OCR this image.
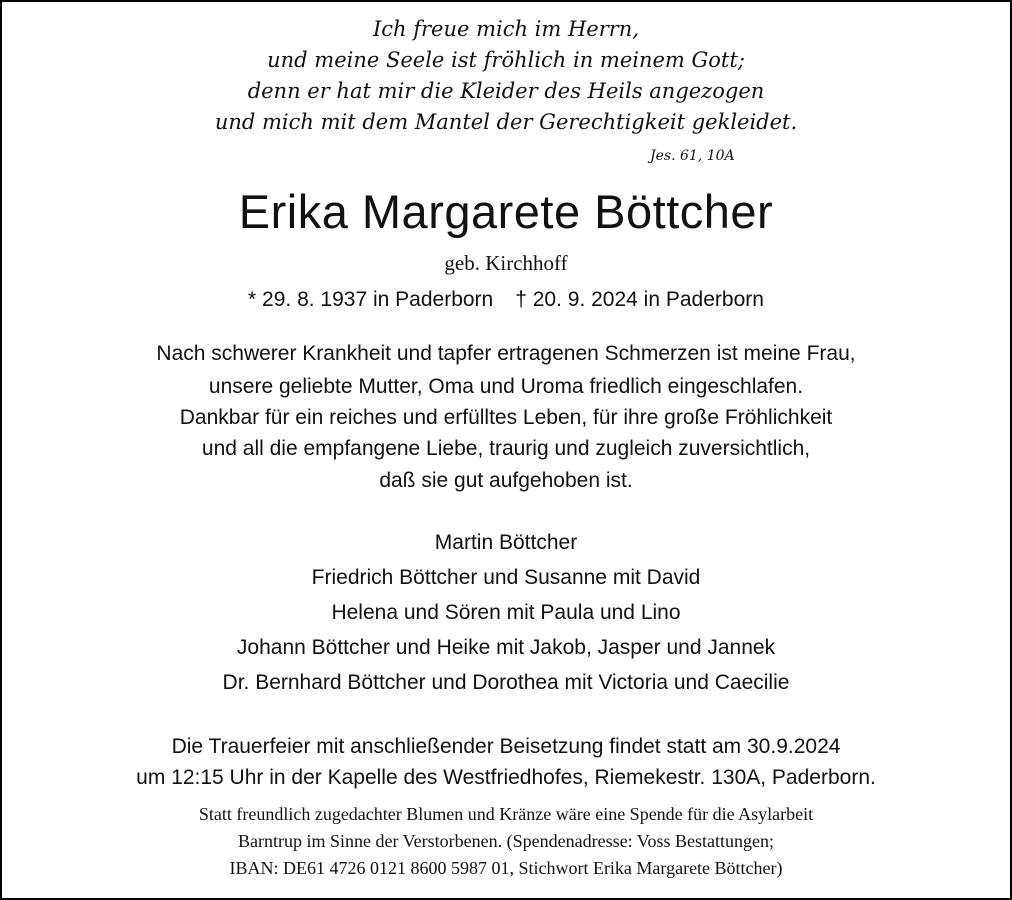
Ich freue mich im Herrn,
und meine Seele ist fröhlich in meinem Gott;
denn er hat mir die Kleider des Heils angezogen
und mich mit dem Mantel der Gerechtigkeit gekleidet.
Jes. 61, 10A
Erika Margarete Böttcher
geb. Kirchhoff
* 29. 8. 1937 in Paderborn † 20. 9. 2024 in Paderborn
Nach schwerer Krankheit und tapfer ertragenen Schmerzen ist meine Frau,
unsere geliebte Mutter, Oma und Uroma friedlich eingeschlafen.
Dankbar für ein reiches und erfülltes Leben, für ihre große Fröhlichkeit
und all die empfangene Liebe, traurig und zugleich zuversichtlich,
daß sie gut aufgehoben ist.
Martin Böttcher
Friedrich Böttcher und Susanne mit David
Helena und Sören mit Paula und Lino
Johann Böttcher und Heike mit Jakob, Jasper und Jannek
Dr. Bernhard Böttcher und Dorothea mit Victoria und Caecilie
Die Trauerfeier mit anschließender Beisetzung findet statt am 30.9.2024
um 12:15 Uhr in der Kapelle des Westfriedhofes, Riemekestr. 130A, Paderborn.
Statt freundlich zugedachter Blumen und Kränze wäre eine Spende für die Asylarbeit
Barntrup im Sinne der Verstorbenen. (Spendenadresse: Voss Bestattungen;
IBAN: DE61 4726 0121 8600 5987 01, Stichwort Erika Margarete Böttcher)
